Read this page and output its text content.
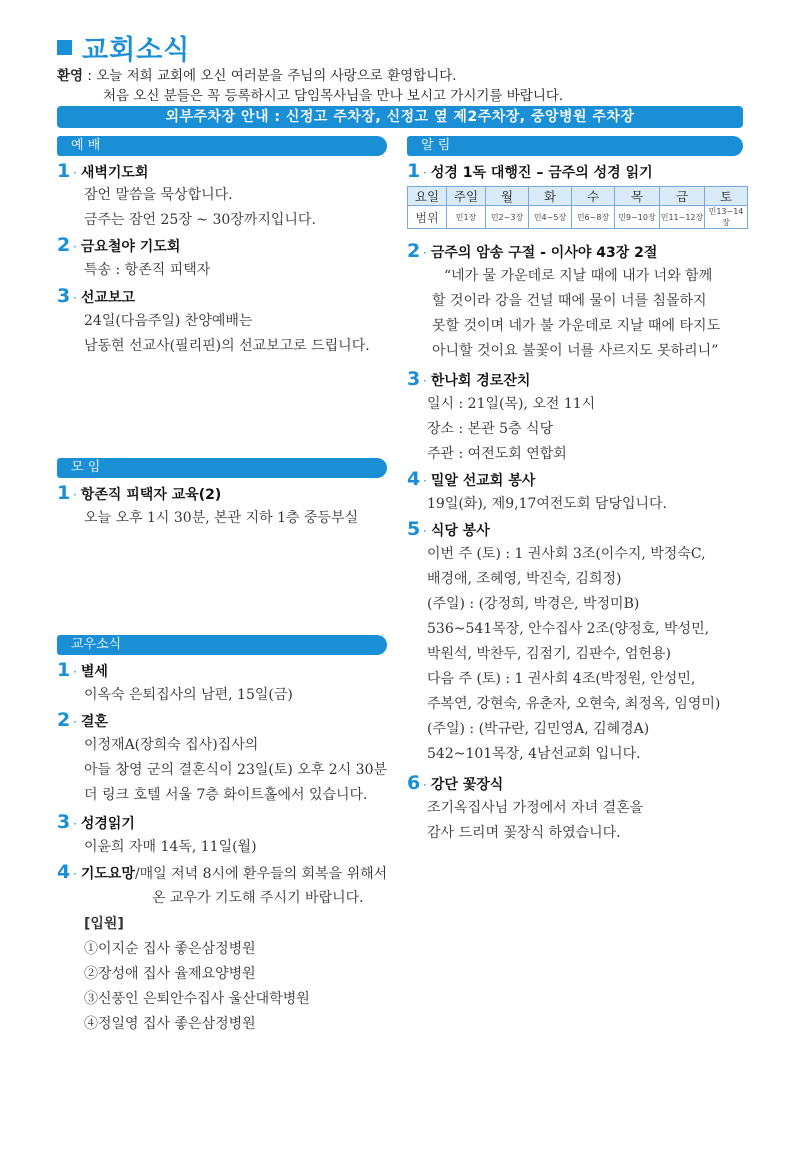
교회소식
환영 : 오늘 저희 교회에 오신 여러분을 주님의 사랑으로 환영합니다.
처음 오신 분들은 꼭 등록하시고 담임목사님을 만나 보시고 가시기를 바랍니다.
외부주차장 안내 : 신정고 주차장, 신정고 옆 제2주차장, 중앙병원 주차장
예 배
1 · 새벽기도회
잠언 말씀을 묵상합니다.
금주는 잠언 25장 ~ 30장까지입니다.
2 · 금요철야 기도회
특송 : 항존직 피택자
3 · 선교보고
24일(다음주일) 찬양예배는
남동현 선교사(필리핀)의 선교보고로 드립니다.
모 임
1 · 항존직 피택자 교육(2)
오늘 오후 1시 30분, 본관 지하 1층 중등부실
교우소식
1 · 별세
이옥숙 은퇴집사의 남편, 15일(금)
2 · 결혼
이정재A(장희숙 집사)집사의
아들 창영 군의 결혼식이 23일(토) 오후 2시 30분
더 링크 호텔 서울 7층 화이트홀에서 있습니다.
3 · 성경읽기
이윤희 자매 14독, 11일(월)
4 · 기도요망/매일 저녁 8시에 환우들의 회복을 위해서
온 교우가 기도해 주시기 바랍니다.
[입원]
①이지순 집사 좋은삼정병원
②장성애 집사 율제요양병원
③신풍인 은퇴안수집사 울산대학병원
④정일영 집사 좋은삼정병원
알 림
1 · 성경 1독 대행진 – 금주의 성경 읽기
요일	주일	월	화	수	목	금	토
범위	민1장	민2~3장	민4~5장	민6~8장	민9~10장	민11~12장	민13~14장
2 · 금주의 암송 구절 - 이사야 43장 2절
“네가 물 가운데로 지날 때에 내가 너와 함께
할 것이라 강을 건널 때에 물이 너를 침몰하지
못할 것이며 네가 불 가운데로 지날 때에 타지도
아니할 것이요 불꽃이 너를 사르지도 못하리니”
3 · 한나회 경로잔치
일시 : 21일(목), 오전 11시
장소 : 본관 5층 식당
주관 : 여전도회 연합회
4 · 밀알 선교회 봉사
19일(화), 제9,17여전도회 담당입니다.
5 · 식당 봉사
이번 주 (토) : 1 권사회 3조(이수지, 박정숙C,
배경애, 조혜영, 박진숙, 김희정)
(주일) : (강정희, 박경은, 박정미B)
536~541목장, 안수집사 2조(양정호, 박성민,
박원석, 박찬두, 김점기, 김판수, 엄헌용)
다음 주 (토) : 1 권사회 4조(박정원, 안성민,
주복연, 강현숙, 유춘자, 오현숙, 최정옥, 임영미)
(주일) : (박규란, 김민영A, 김혜경A)
542~101목장, 4남선교회 입니다.
6 · 강단 꽃장식
조기옥집사님 가정에서 자녀 결혼을
감사 드리며 꽃장식 하였습니다.
